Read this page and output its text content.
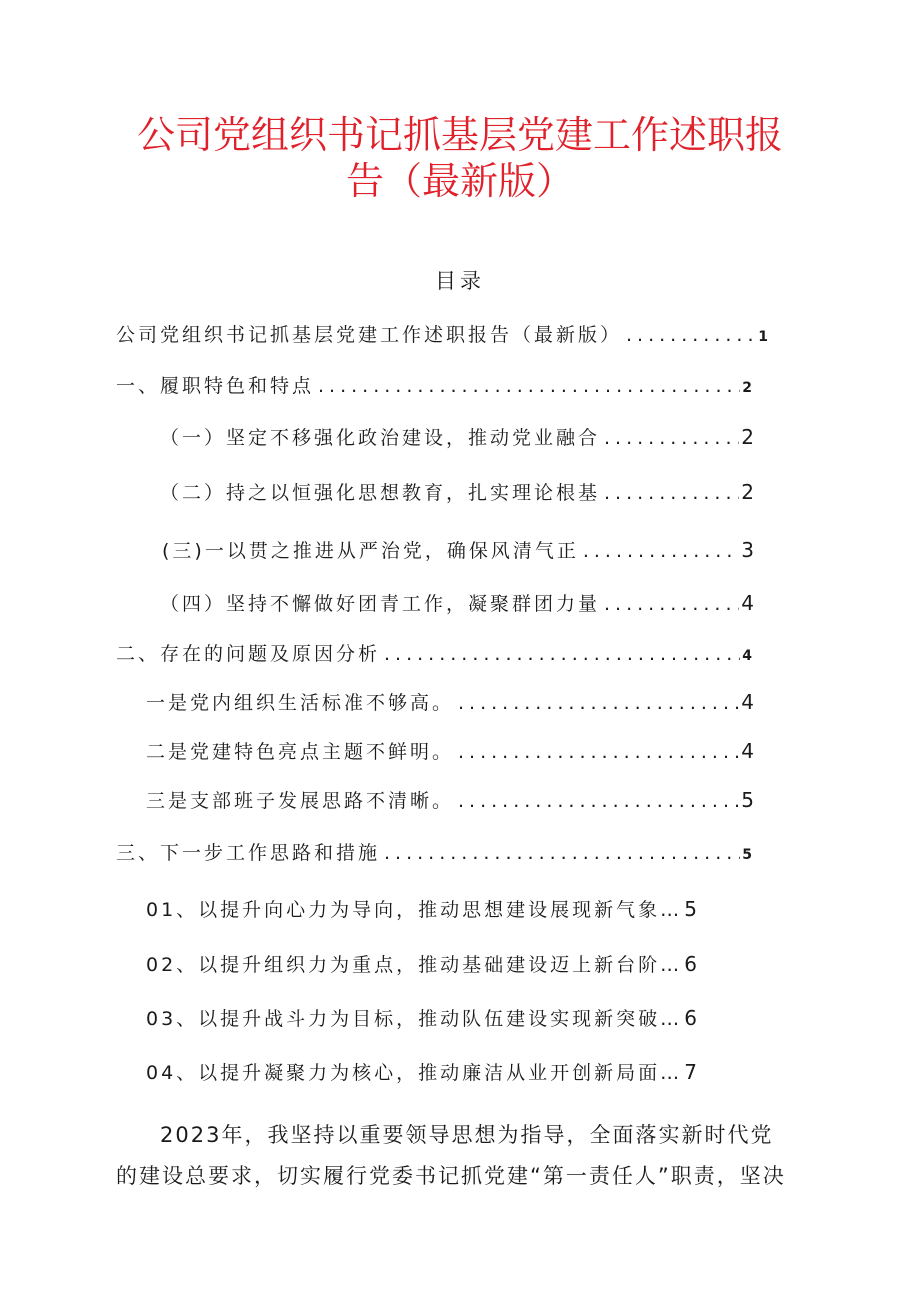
公司党组织书记抓基层党建工作述职报
告（最新版）
目录
公司党组织书记抓基层党建工作述职报告（最新版） .....	1
一、履职特色和特点 .....	2
（一）坚定不移强化政治建设，推动党业融合 .....	2
（二）持之以恒强化思想教育，扎实理论根基 .....	2
(三)一以贯之推进从严治党，确保风清气正 .....	3
（四）坚持不懈做好团青工作，凝聚群团力量 .....	4
二、存在的问题及原因分析 .....	4
一是党内组织生活标准不够高。 .....	4
二是党建特色亮点主题不鲜明。 .....	4
三是支部班子发展思路不清晰。 .....	5
三、下一步工作思路和措施 .....	5
01、以提升向心力为导向，推动思想建设展现新气象… 5
02、以提升组织力为重点，推动基础建设迈上新台阶… 6
03、以提升战斗力为目标，推动队伍建设实现新突破… 6
04、以提升凝聚力为核心，推动廉洁从业开创新局面… 7
2023年，我坚持以重要领导思想为指导，全面落实新时代党的建设总要求，切实履行党委书记抓党建“第一责任人”职责，坚决
